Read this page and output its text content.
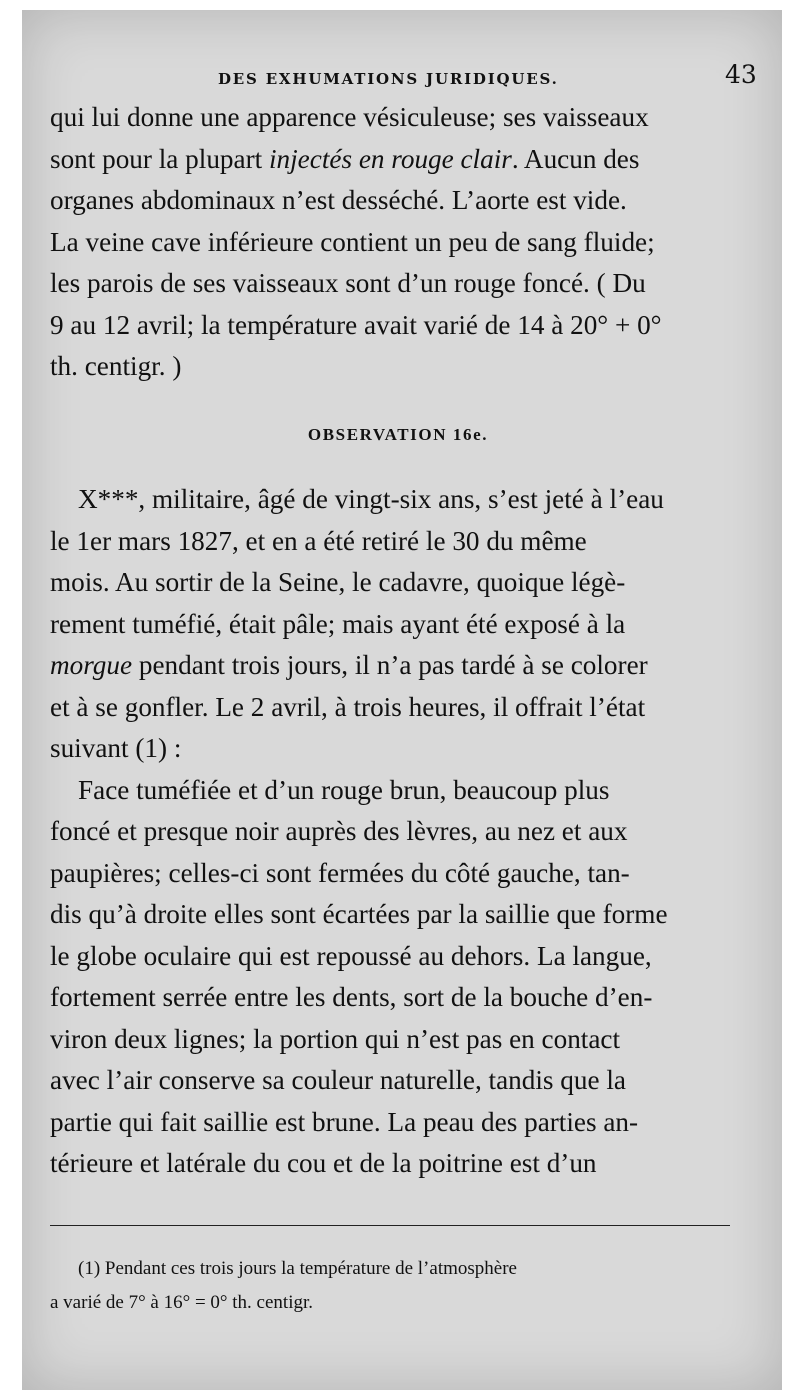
DES EXHUMATIONS JURIDIQUES.	43
qui lui donne une apparence vésiculeuse; ses vaisseaux
sont pour la plupart injectés en rouge clair. Aucun des
organes abdominaux n’est desséché. L’aorte est vide.
La veine cave inférieure contient un peu de sang fluide;
les parois de ses vaisseaux sont d’un rouge foncé. ( Du
9 au 12 avril; la température avait varié de 14 à 20° + 0°
th. centigr. )
OBSERVATION 16e.
X***, militaire, âgé de vingt-six ans, s’est jeté à l’eau
le 1er mars 1827, et en a été retiré le 30 du même
mois. Au sortir de la Seine, le cadavre, quoique légè-
rement tuméfié, était pâle; mais ayant été exposé à la
morgue pendant trois jours, il n’a pas tardé à se colorer
et à se gonfler. Le 2 avril, à trois heures, il offrait l’état
suivant (1) :
Face tuméfiée et d’un rouge brun, beaucoup plus
foncé et presque noir auprès des lèvres, au nez et aux
paupières; celles-ci sont fermées du côté gauche, tan-
dis qu’à droite elles sont écartées par la saillie que forme
le globe oculaire qui est repoussé au dehors. La langue,
fortement serrée entre les dents, sort de la bouche d’en-
viron deux lignes; la portion qui n’est pas en contact
avec l’air conserve sa couleur naturelle, tandis que la
partie qui fait saillie est brune. La peau des parties an-
térieure et latérale du cou et de la poitrine est d’un
(1) Pendant ces trois jours la température de l’atmosphère
a varié de 7° à 16° = 0° th. centigr.
